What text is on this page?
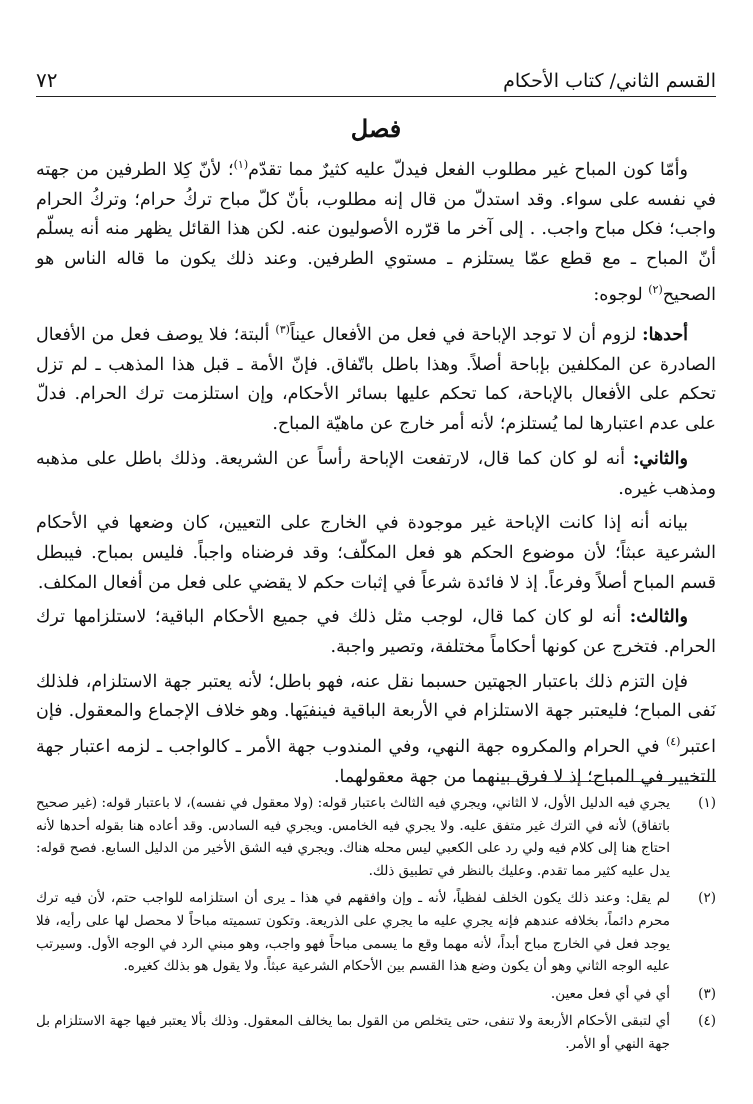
القسم الثاني/ كتاب الأحكام
٧٢
فصل

وأمّا كون المباح غير مطلوب الفعل فيدلّ عليه كثيرٌ مما تقدّم$^{(١)}$؛ لأنّ كِلا الطرفين من جهته في نفسه على سواء. وقد استدلّ من قال إنه مطلوب، بأنّ كلّ مباح تركُ حرام؛ وتركُ الحرام واجب؛ فكل مباح واجب. . إلى آخر ما قرّره الأصوليون عنه. لكن هذا القائل يظهر منه أنه يسلّم أنّ المباح ـ مع قطع عمّا يستلزم ـ مستوي الطرفين. وعند ذلك يكون ما قاله الناس هو الصحيح$^{(٢)}$ لوجوه:

أحدها: لزوم أن لا توجد الإباحة في فعل من الأفعال عيناً$^{(٣)}$ ألبتة؛ فلا يوصف فعل من الأفعال الصادرة عن المكلفين بإباحة أصلاً. وهذا باطل باتّفاق. فإنّ الأمة ـ قبل هذا المذهب ـ لم تزل تحكم على الأفعال بالإباحة، كما تحكم عليها بسائر الأحكام، وإن استلزمت ترك الحرام. فدلّ على عدم اعتبارها لما يُستلزم؛ لأنه أمر خارج عن ماهيّة المباح.

والثاني: أنه لو كان كما قال، لارتفعت الإباحة رأساً عن الشريعة. وذلك باطل على مذهبه ومذهب غيره.

بيانه أنه إذا كانت الإباحة غير موجودة في الخارج على التعيين، كان وضعها في الأحكام الشرعية عبثاً؛ لأن موضوع الحكم هو فعل المكلّف؛ وقد فرضناه واجباً. فليس بمباح. فيبطل قسم المباح أصلاً وفرعاً. إذ لا فائدة شرعاً في إثبات حكم لا يقضي على فعل من أفعال المكلف.

والثالث: أنه لو كان كما قال، لوجب مثل ذلك في جميع الأحكام الباقية؛ لاستلزامها ترك الحرام. فتخرج عن كونها أحكاماً مختلفة، وتصير واجبة.

فإن التزم ذلك باعتبار الجهتين حسبما نقل عنه، فهو باطل؛ لأنه يعتبر جهة الاستلزام، فلذلك نَفى المباح؛ فليعتبر جهة الاستلزام في الأربعة الباقية فينفيَها. وهو خلاف الإجماع والمعقول. فإن اعتبر$^{(٤)}$ في الحرام والمكروه جهة النهي، وفي المندوب جهة الأمر ـ كالواجب ـ لزمه اعتبار جهة التخيير في المباح؛ إذ لا فرق بينهما من جهة معقولهما.

(١)
يجري فيه الدليل الأول، لا الثاني، ويجري فيه الثالث باعتبار قوله: (ولا معقول في نفسه)، لا باعتبار قوله: (غير صحيح باتفاق) لأنه في الترك غير متفق عليه. ولا يجري فيه الخامس. ويجري فيه السادس. وقد أعاده هنا بقوله أحدها لأنه احتاج هنا إلى كلام فيه ولي رد على الكعبي ليس محله هناك. ويجري فيه الشق الأخير من الدليل السابع. فصح قوله: يدل عليه كثير مما تقدم. وعليك بالنظر في تطبيق ذلك.
(٢)
لم يقل: وعند ذلك يكون الخلف لفظياً، لأنه ـ وإن وافقهم في هذا ـ يرى أن استلزامه للواجب حتم، لأن فيه ترك محرم دائماً، بخلافه عندهم فإنه يجري عليه ما يجري على الذريعة. وتكون تسميته مباحاً لا محصل لها على رأيه، فلا يوجد فعل في الخارج مباح أبداً، لأنه مهما وقع ما يسمى مباحاً فهو واجب، وهو مبني الرد في الوجه الأول. وسيرتب عليه الوجه الثاني وهو أن يكون وضع هذا القسم بين الأحكام الشرعية عبثاً. ولا يقول هو بذلك كغيره.
(٣)
أي في أي فعل معين.
(٤)
أي لتبقى الأحكام الأربعة ولا تنفى، حتى يتخلص من القول بما يخالف المعقول. وذلك بألا يعتبر فيها جهة الاستلزام بل جهة النهي أو الأمر.
